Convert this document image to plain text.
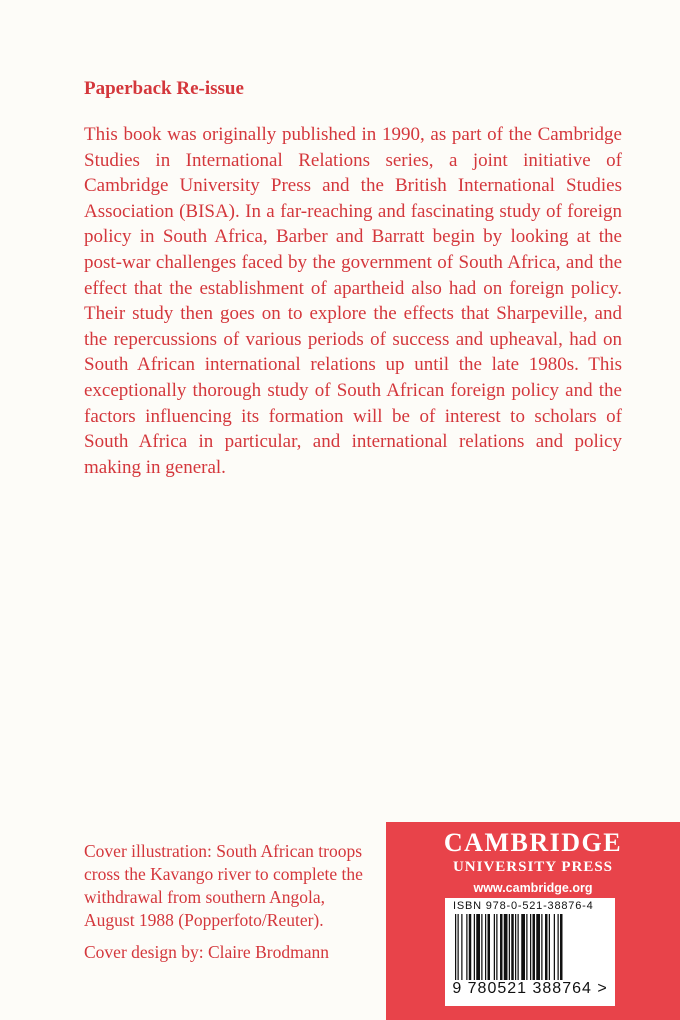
Paperback Re-issue

This book was originally published in 1990, as part of the Cambridge Studies in International Relations series, a joint initiative of Cambridge University Press and the British International Studies Association (BISA). In a far-reaching and fascinating study of foreign policy in South Africa, Barber and Barratt begin by looking at the post-war challenges faced by the government of South Africa, and the effect that the establishment of apartheid also had on foreign policy. Their study then goes on to explore the effects that Sharpeville, and the repercussions of various periods of success and upheaval, had on South African international relations up until the late 1980s. This exceptionally thorough study of South African foreign policy and the factors influencing its formation will be of interest to scholars of South Africa in particular, and international relations and policy making in general.

Cover illustration: South African troops cross the Kavango river to complete the withdrawal from southern Angola, August 1988 (Popperfoto/Reuter).

Cover design by: Claire Brodmann

CAMBRIDGE
UNIVERSITY PRESS
www.cambridge.org
ISBN 978-0-521-38876-4
9 780521 388764 >
